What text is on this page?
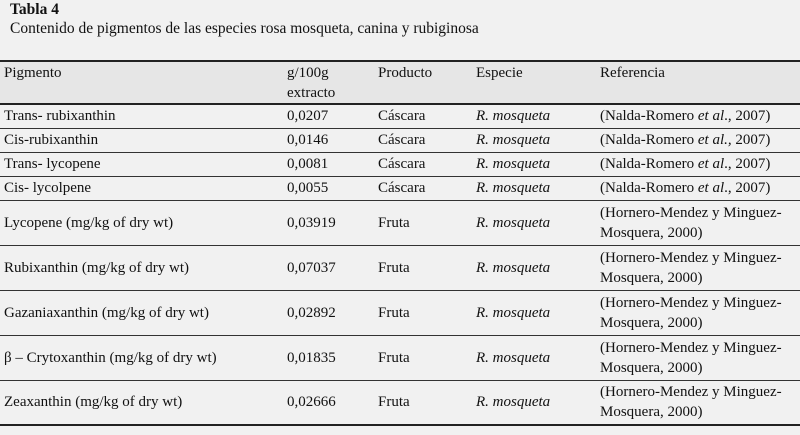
Tabla 4
Contenido de pigmentos de las especies rosa mosqueta, canina y rubiginosa
Pigmento	g/100g extracto	Producto	Especie	Referencia
Trans- rubixanthin	0,0207	Cáscara	R. mosqueta	(Nalda-Romero et al., 2007)
Cis-rubixanthin	0,0146	Cáscara	R. mosqueta	(Nalda-Romero et al., 2007)
Trans- lycopene	0,0081	Cáscara	R. mosqueta	(Nalda-Romero et al., 2007)
Cis- lycolpene	0,0055	Cáscara	R. mosqueta	(Nalda-Romero et al., 2007)
Lycopene (mg/kg of dry wt)	0,03919	Fruta	R. mosqueta	(Hornero-Mendez y Minguez-
Mosquera, 2000)

Rubixanthin (mg/kg of dry wt)	0,07037	Fruta	R. mosqueta	(Hornero-Mendez y Minguez-
Mosquera, 2000)

Gazaniaxanthin (mg/kg of dry wt)	0,02892	Fruta	R. mosqueta	(Hornero-Mendez y Minguez-
Mosquera, 2000)

β – Crytoxanthin (mg/kg of dry wt)	0,01835	Fruta	R. mosqueta	(Hornero-Mendez y Minguez-
Mosquera, 2000)

Zeaxanthin (mg/kg of dry wt)	0,02666	Fruta	R. mosqueta	(Hornero-Mendez y Minguez-
Mosquera, 2000)
